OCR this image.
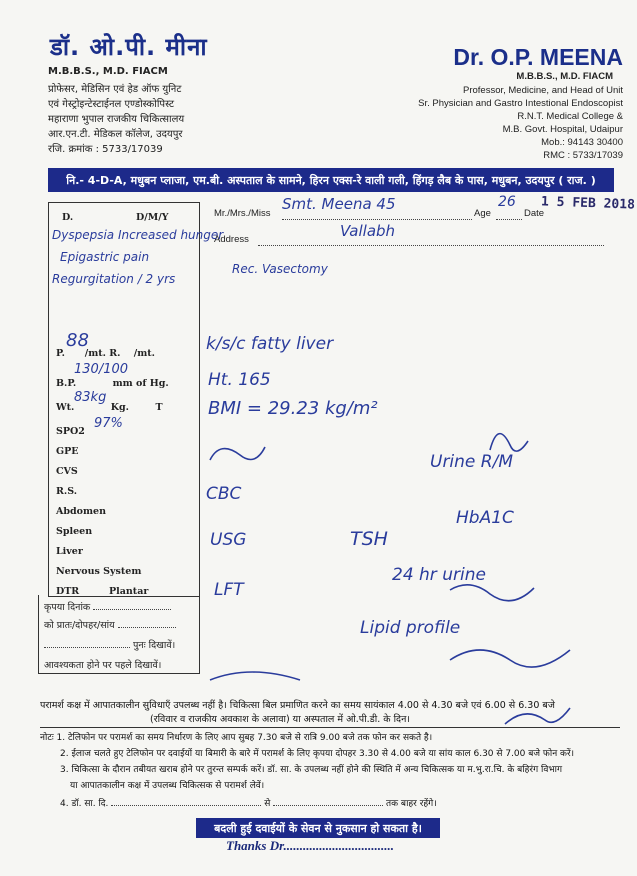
डॉ. ओ.पी. मीना
M.B.B.S., M.D. FIACM
प्रोफेसर, मेडिसिन एवं हेड ऑफ युनिट
एवं गेस्ट्रोइन्टेस्टाईनल एण्डोस्कोपिस्ट
महाराणा भुपाल राजकीय चिकित्सालय
आर.एन.टी. मेडिकल कॉलेज, उदयपुर
रजि. क्रमांक : 5733/17039
Dr. O.P. MEENA
M.B.B.S., M.D. FIACM
Professor, Medicine, and Head of Unit
Sr. Physician and Gastro Intestional Endoscopist
R.N.T. Medical College &
M.B. Govt. Hospital, Udaipur
Mob.: 94143 30400
RMC : 5733/17039
नि.- 4-D-A, मधुबन प्लाजा, एम.बी. अस्पताल के सामने, हिरन एक्स-रे वाली गली, हिंगड़ लैब के पास, मधुबन, उदयपुर ( राज. )
Mr./Mrs./Miss
Smt. Meena 45
Age
26
Date
1 5 FEB 2018
Address	Vallabh
D.	D/M/Y
Dyspepsia Increased hunger
Epigastric pain
Regurgitation / 2 yrs
Rec. Vasectomy
88
P. /mt. R. /mt.
130/100
B.P.	mm of Hg.
83kg
Wt.	Kg.	T
97%
SPO2
GPE
CVS
R.S.
Abdomen
Spleen
Liver
Nervous System
DTR	Plantar
कृपया दिनांक
को प्रातः/दोपहर/सांय
पुनः दिखावें।
आवश्यकता होने पर पहले दिखावें।
k/s/c fatty liver
Ht. 165
BMI = 29.23 kg/m²
Urine R/M
CBC
USG	TSH
HbA1C
LFT
Lipid profile
24 hr urine
परामर्श कक्ष में आपातकालीन सुविधाएँ उपलब्ध नहीं है। चिकित्सा बिल प्रमाणित करने का समय सायंकाल 4.00 से 4.30 बजे एवं 6.00 से 6.30 बजे
(रविवार व राजकीय अवकाश के अलावा) या अस्पताल में ओ.पी.डी. के दिन।
नोटः 1. टेलिफोन पर परामर्श का समय निर्धारण के लिए आप सुबह 7.30 बजे से रात्रि 9.00 बजे तक फोन कर सकते है।
2. ईलाज चलते हुए टेलिफोन पर दवाईयों या बिमारी के बारे में परामर्श के लिए कृपया दोपहर 3.30 से 4.00 बजे या सांय काल 6.30 से 7.00 बजे फोन करें।
3. चिकित्सा के दौरान तबीयत खराब होने पर तुरन्त सम्पर्क करें। डॉ. सा. के उपलब्ध नहीं होने की स्थिति में अन्य चिकित्सक या म.भु.रा.चि. के बहिरंग विभाग
या आपातकालीन कक्ष में उपलब्ध चिकित्सक से परामर्श लेवें।
4. डॉ. सा. दि.	से	तक बाहर रहेंगे।
बदली हुई दवाईयों के सेवन से नुकसान हो सकता है।
Thanks Dr..................................
